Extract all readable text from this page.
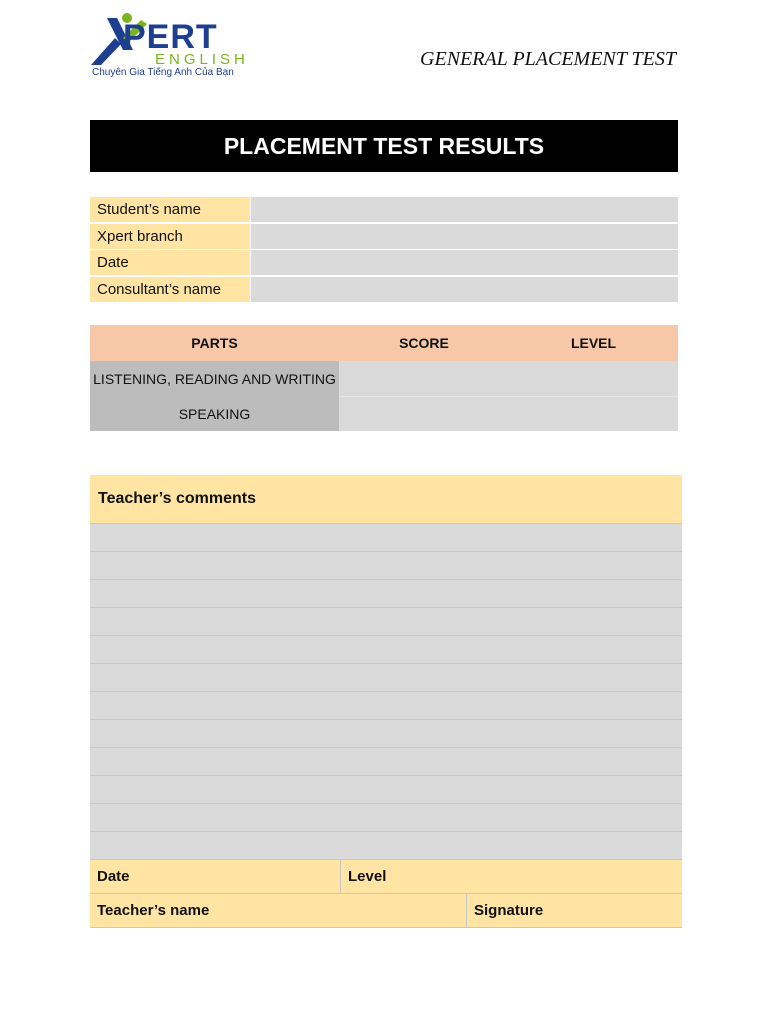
PERT
ENGLISH
Chuyên Gia Tiếng Anh Của Bạn
GENERAL PLACEMENT TEST
PLACEMENT TEST RESULTS
Student’s name
Xpert branch
Date
Consultant’s name
PARTS	SCORE	LEVEL
LISTENING, READING AND WRITING
SPEAKING
Teacher’s comments
Date	Level
Teacher’s name	Signature
